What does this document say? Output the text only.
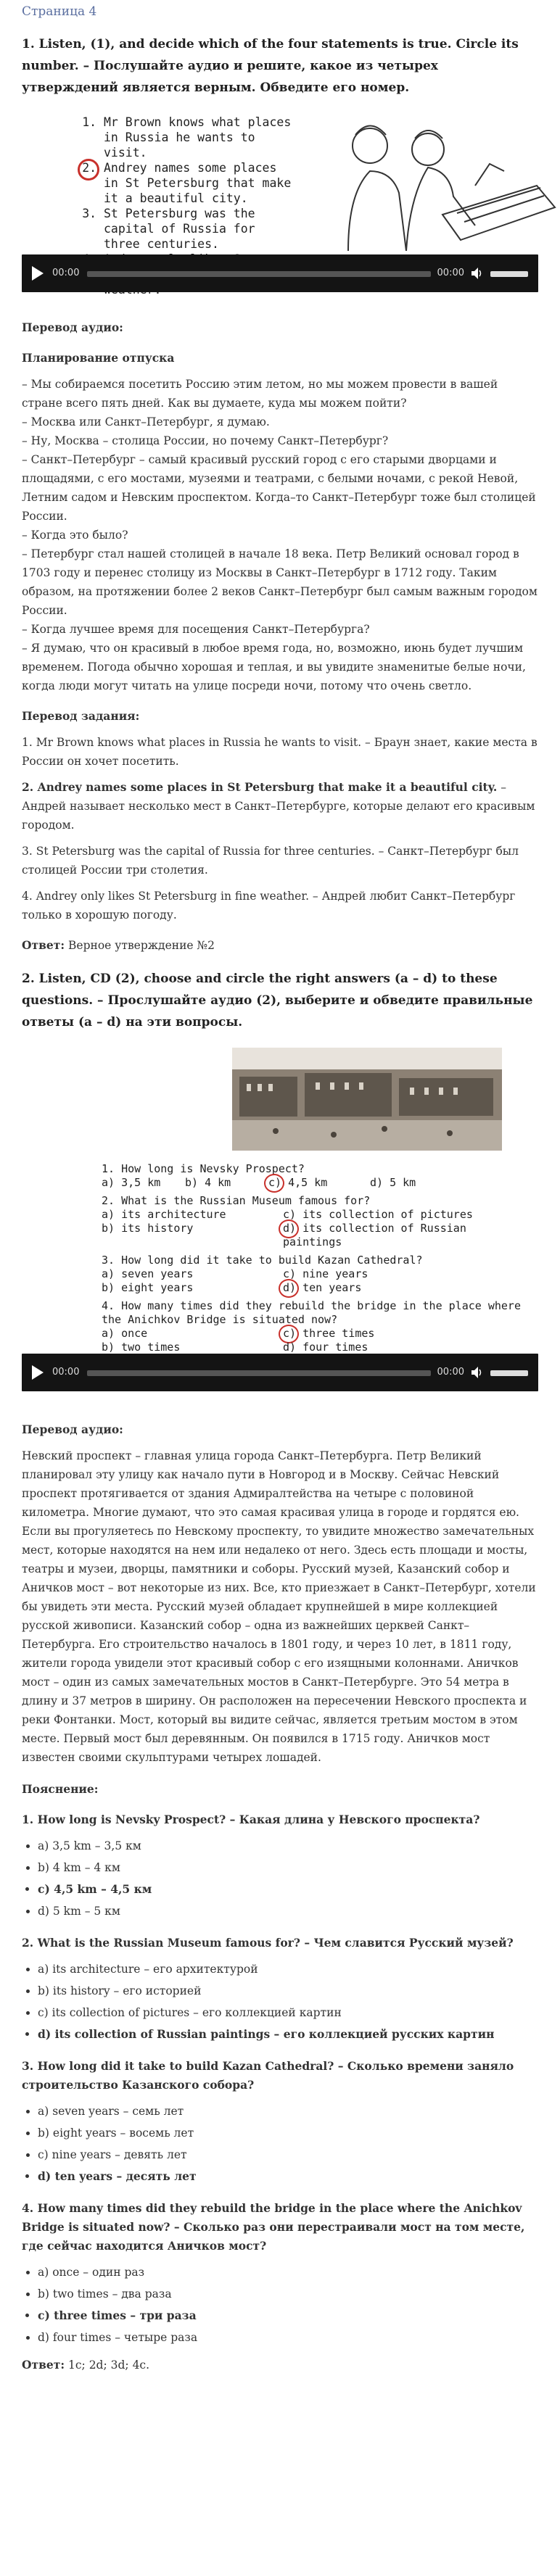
Страница 4

1. Listen, (1), and decide which of the four statements is true. Circle its number. – Послушайте аудио и решите, какое из четырех утверждений является верным. Обведите его номер.

1. Mr Brown knows what places in Russia he wants to visit.
2. Andrey names some places in St Petersburg that make it a beautiful city.
3. St Petersburg was the capital of Russia for three centuries.
4.
00:00	00:00

Перевод аудио:

Планирование отпуска

– Мы собираемся посетить Россию этим летом, но мы можем провести в вашей стране всего пять дней. Как вы думаете, куда мы можем пойти?

– Москва или Санкт–Петербург, я думаю.

– Ну, Москва – столица России, но почему Санкт–Петербург?

– Санкт–Петербург – самый красивый русский город с его старыми дворцами и площадями, с его мостами, музеями и театрами, с белыми ночами, с рекой Невой, Летним садом и Невским проспектом. Когда–то Санкт–Петербург тоже был столицей России.

– Когда это было?

– Петербург стал нашей столицей в начале 18 века. Петр Великий основал город в 1703 году и перенес столицу из Москвы в Санкт–Петербург в 1712 году. Таким образом, на протяжении более 2 веков Санкт–Петербург был самым важным городом России.

– Когда лучшее время для посещения Санкт–Петербурга?

– Я думаю, что он красивый в любое время года, но, возможно, июнь будет лучшим временем. Погода обычно хорошая и теплая, и вы увидите знаменитые белые ночи, когда люди могут читать на улице посреди ночи, потому что очень светло.

Перевод задания:

1. Mr Brown knows what places in Russia he wants to visit. – Браун знает, какие места в России он хочет посетить.

2. Andrey names some places in St Petersburg that make it a beautiful city. – Андрей называет несколько мест в Санкт–Петербурге, которые делают его красивым городом.

3. St Petersburg was the capital of Russia for three centuries. – Санкт–Петербург был столицей России три столетия.

4. Andrey only likes St Petersburg in fine weather. – Андрей любит Санкт–Петербург только в хорошую погоду.

Ответ: Верное утверждение №2

2. Listen, CD (2), choose and circle the right answers (a – d) to these questions. – Прослушайте аудио (2), выберите и обведите правильные ответы (a – d) на эти вопросы.

1. How long is Nevsky Prospect?
a) 3,5 km	b) 4 km	c) 4,5 km	d) 5 km
2. What is the Russian Museum famous for?
a) its architecture	c) its collection of pictures
b) its history	d) its collection of Russian paintings
3. How long did it take to build Kazan Cathedral?
a) seven years	c) nine years
b) eight years	d) ten years
4. How many times did they rebuild the bridge in the place where the Anichkov Bridge is situated now?
a) once	c) three times
b) two times	d) four times
00:00	00:00

Перевод аудио:

Невский проспект – главная улица города Санкт–Петербурга. Петр Великий планировал эту улицу как начало пути в Новгород и в Москву. Сейчас Невский проспект протягивается от здания Адмиралтейства на четыре с половиной километра. Многие думают, что это самая красивая улица в городе и гордятся ею. Если вы прогуляетесь по Невскому проспекту, то увидите множество замечательных мест, которые находятся на нем или недалеко от него. Здесь есть площади и мосты, театры и музеи, дворцы, памятники и соборы. Русский музей, Казанский собор и Аничков мост – вот некоторые из них. Все, кто приезжает в Санкт–Петербург, хотели бы увидеть эти места. Русский музей обладает крупнейшей в мире коллекцией русской живописи. Казанский собор – одна из важнейших церквей Санкт–Петербурга. Его строительство началось в 1801 году, и через 10 лет, в 1811 году, жители города увидели этот красивый собор с его изящными колоннами. Аничков мост – один из самых замечательных мостов в Санкт–Петербурге. Это 54 метра в длину и 37 метров в ширину. Он расположен на пересечении Невского проспекта и реки Фонтанки. Мост, который вы видите сейчас, является третьим мостом в этом месте. Первый мост был деревянным. Он появился в 1715 году. Аничков мост известен своими скульптурами четырех лошадей.

Пояснение:

1. How long is Nevsky Prospect? – Какая длина у Невского проспекта?

• a) 3,5 km – 3,5 км
• b) 4 km – 4 км
• c) 4,5 km – 4,5 км
• d) 5 km – 5 км

2. What is the Russian Museum famous for? – Чем славится Русский музей?

• a) its architecture – его архитектурой
• b) its history – его историей
• c) its collection of pictures – его коллекцией картин
• d) its collection of Russian paintings – его коллекцией русских картин

3. How long did it take to build Kazan Cathedral? – Сколько времени заняло строительство Казанского собора?

• a) seven years – семь лет
• b) eight years – восемь лет
• c) nine years – девять лет
• d) ten years – десять лет

4. How many times did they rebuild the bridge in the place where the Anichkov Bridge is situated now? – Сколько раз они перестраивали мост на том месте, где сейчас находится Аничков мост?

• a) once – один раз
• b) two times – два раза
• c) three times – три раза
• d) four times – четыре раза

Ответ: 1c; 2d; 3d; 4c.
